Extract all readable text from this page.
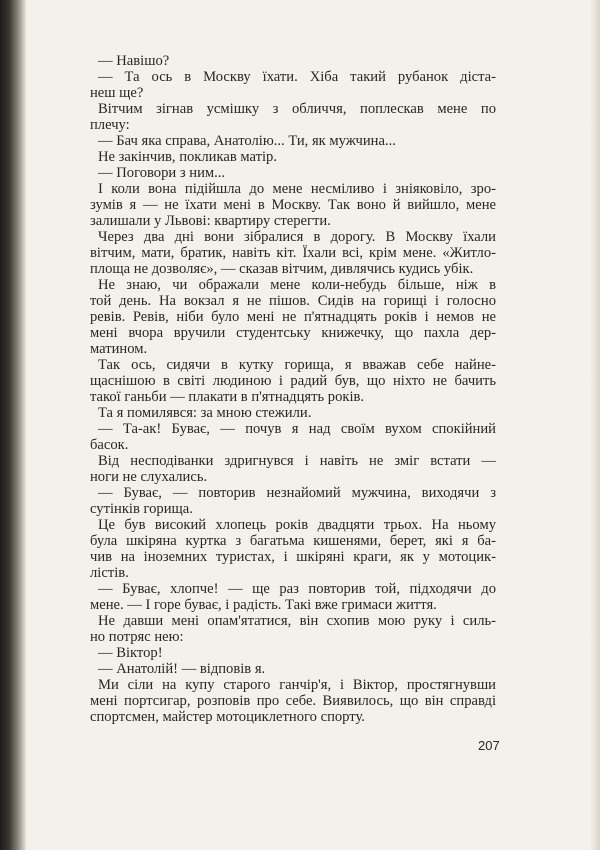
— Навішо?
— Та ось в Москву їхати. Хіба такий рубанок діста-
неш ще?
Вітчим зігнав усмішку з обличчя, поплескав мене по
плечу:
— Бач яка справа, Анатолію... Ти, як мужчина...
Не закінчив, покликав матір.
— Поговори з ним...
І коли вона підійшла до мене несміливо і зніяковіло, зро-
зумів я — не їхати мені в Москву. Так воно й вийшло, мене
залишали у Львові: квартиру стерегти.
Через два дні вони зібралися в дорогу. В Москву їхали
вітчим, мати, братик, навіть кіт. Їхали всі, крім мене. «Житло-
площа не дозволяє», — сказав вітчим, дивлячись кудись убік.
Не знаю, чи ображали мене коли-небудь більше, ніж в
той день. На вокзал я не пішов. Сидів на горищі і голосно
ревів. Ревів, ніби було мені не п'ятнадцять років і немов не
мені вчора вручили студентську книжечку, що пахла дер-
матином.
Так ось, сидячи в кутку горища, я вважав себе найне-
щаснішою в світі людиною і радий був, що ніхто не бачить
такої ганьби — плакати в п'ятнадцять років.
Та я помилявся: за мною стежили.
— Та-ак! Буває, — почув я над своїм вухом спокійний
басок.
Від несподіванки здригнувся і навіть не зміг встати —
ноги не слухались.
— Буває, — повторив незнайомий мужчина, виходячи з
сутінків горища.
Це був високий хлопець років двадцяти трьох. На ньому
була шкіряна куртка з багатьма кишенями, берет, які я ба-
чив на іноземних туристах, і шкіряні краги, як у мотоцик-
лістів.
— Буває, хлопче! — ще раз повторив той, підходячи до
мене. — І горе буває, і радість. Такі вже гримаси життя.
Не давши мені опам'ятатися, він схопив мою руку і силь-
но потряс нею:
— Віктор!
— Анатолій! — відповів я.
Ми сіли на купу старого ганчір'я, і Віктор, простягнувши
мені портсигар, розповів про себе. Виявилось, що він справді
спортсмен, майстер мотоциклетного спорту.
207
